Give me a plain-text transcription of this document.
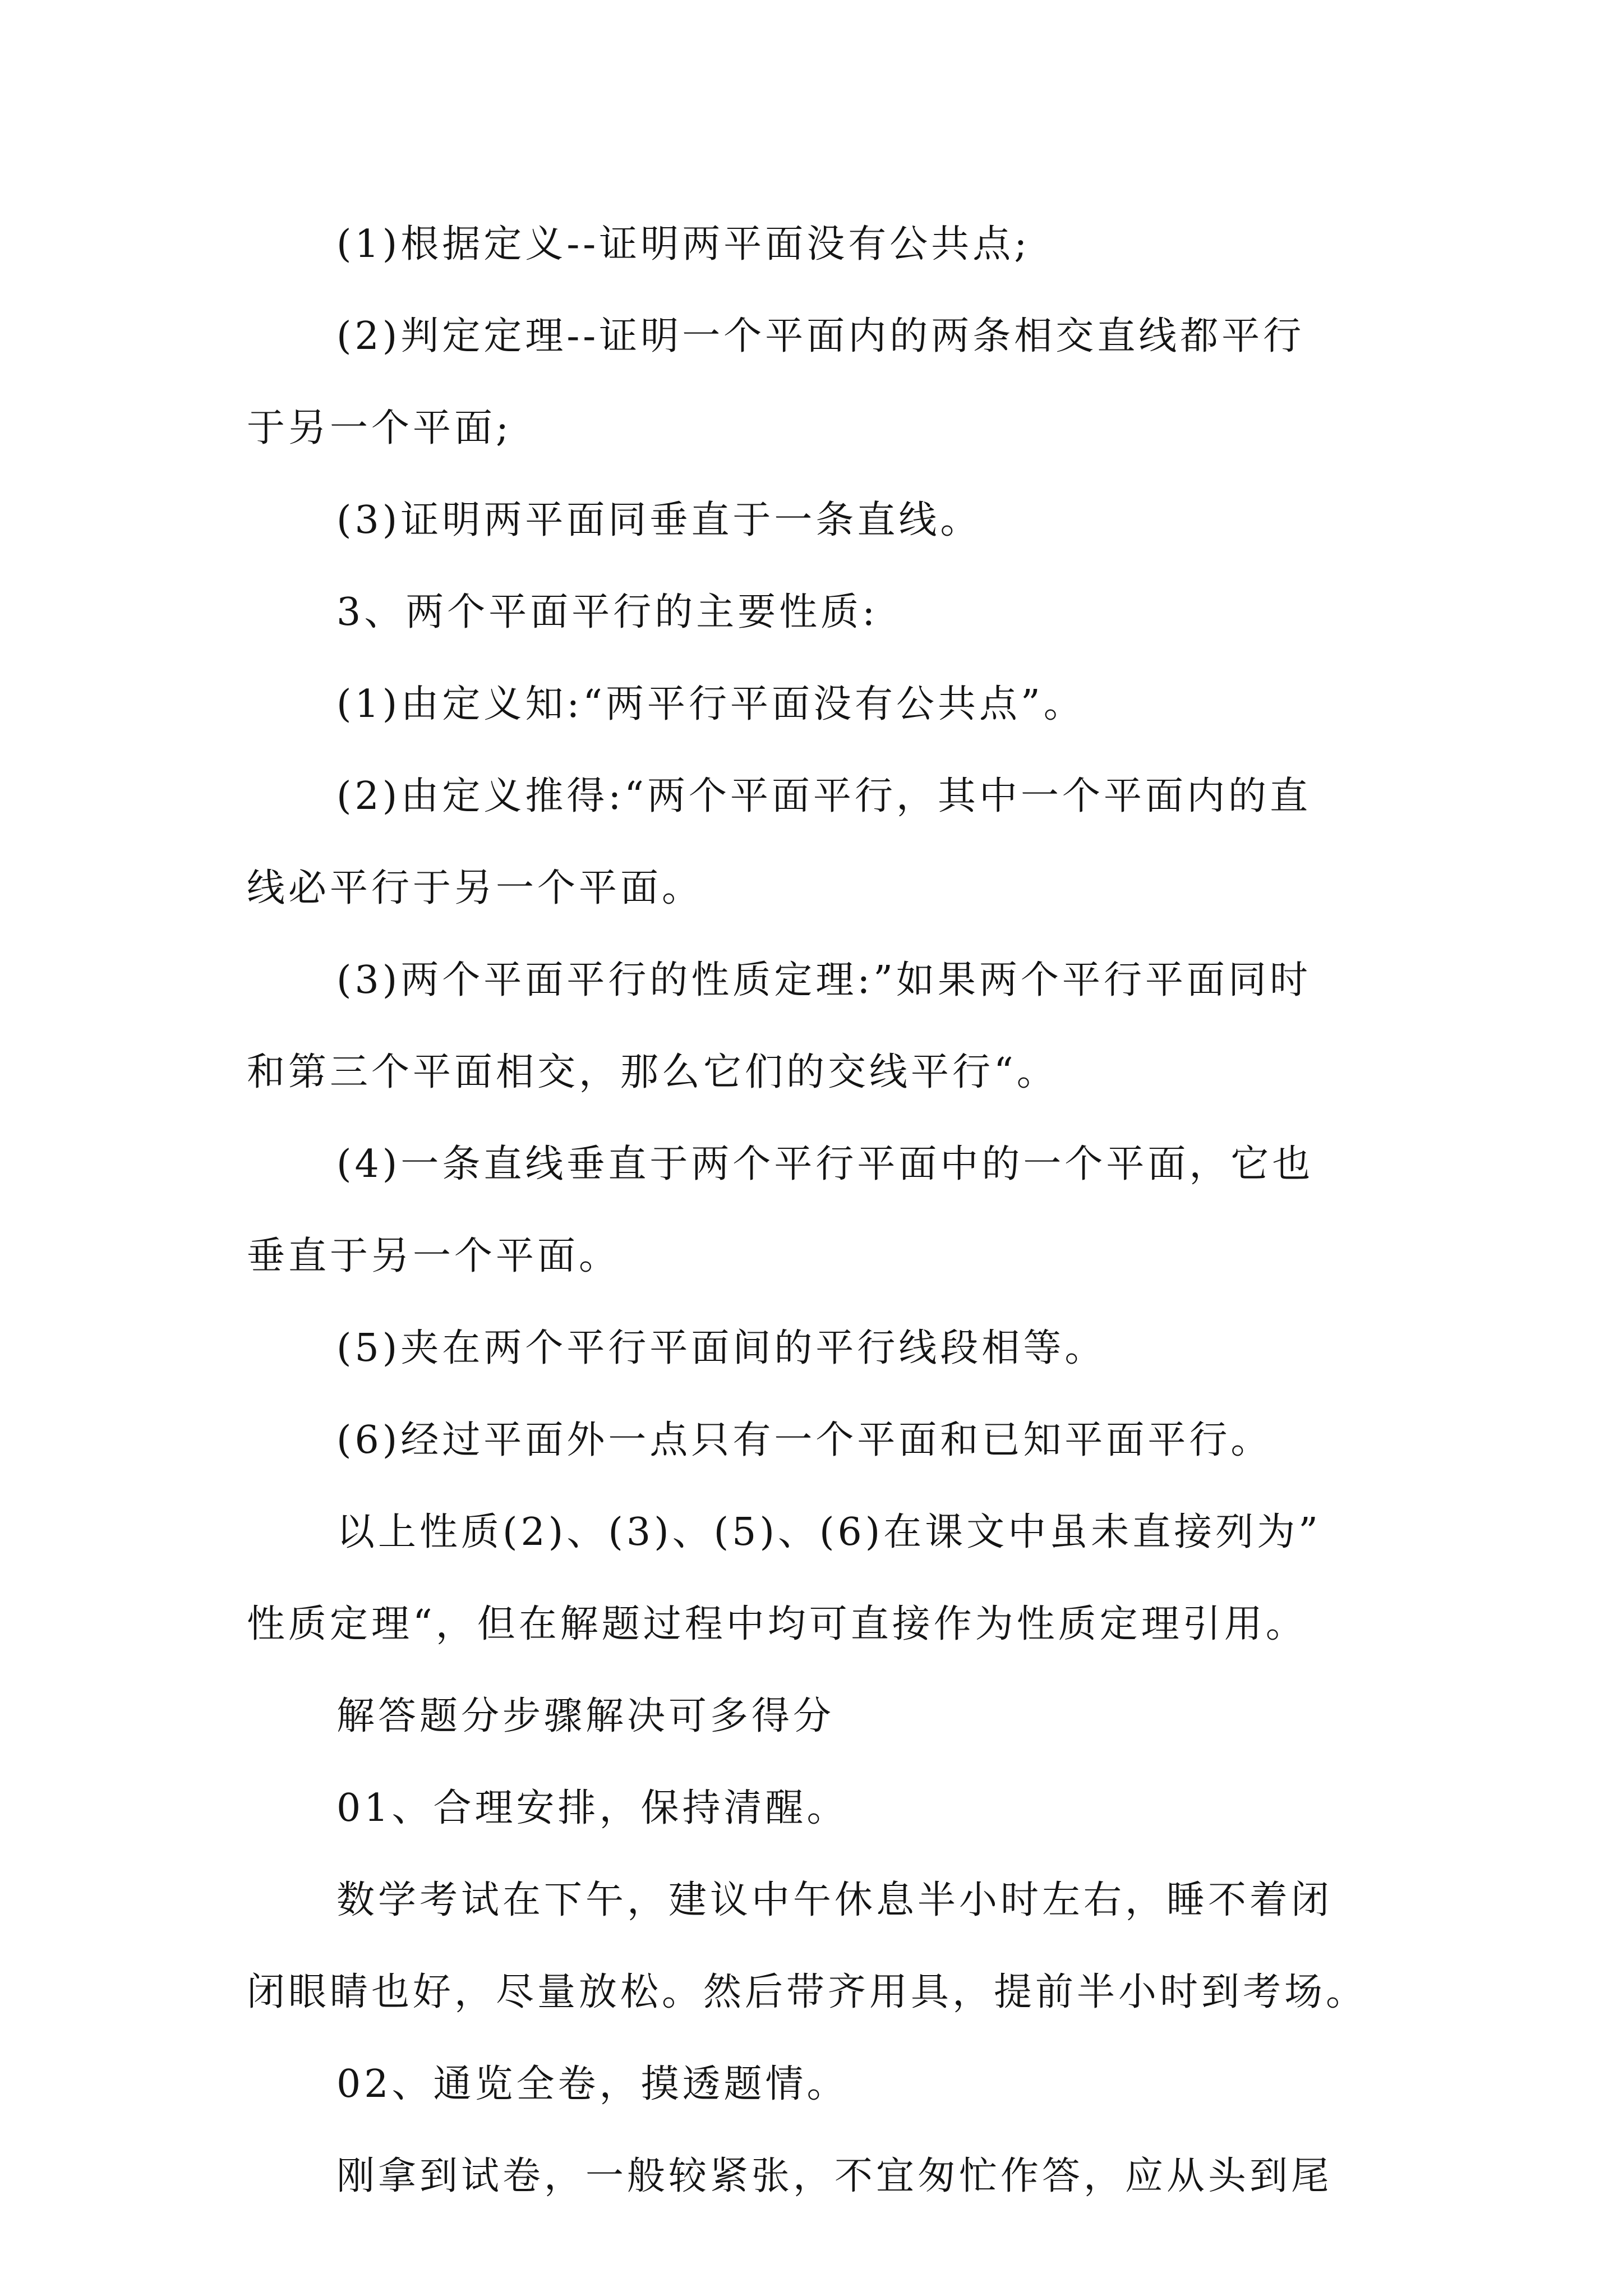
(1)根据定义--证明两平面没有公共点;
(2)判定定理--证明一个平面内的两条相交直线都平行
于另一个平面;
(3)证明两平面同垂直于一条直线。
3、两个平面平行的主要性质:
(1)由定义知:“两平行平面没有公共点”。
(2)由定义推得:“两个平面平行，其中一个平面内的直
线必平行于另一个平面。
(3)两个平面平行的性质定理:”如果两个平行平面同时
和第三个平面相交，那么它们的交线平行“。
(4)一条直线垂直于两个平行平面中的一个平面，它也
垂直于另一个平面。
(5)夹在两个平行平面间的平行线段相等。
(6)经过平面外一点只有一个平面和已知平面平行。
以上性质(2)、(3)、(5)、(6)在课文中虽未直接列为”
性质定理“，但在解题过程中均可直接作为性质定理引用。
解答题分步骤解决可多得分
01、合理安排，保持清醒。
数学考试在下午，建议中午休息半小时左右，睡不着闭
闭眼睛也好，尽量放松。然后带齐用具，提前半小时到考场。
02、通览全卷，摸透题情。
刚拿到试卷，一般较紧张，不宜匆忙作答，应从头到尾
